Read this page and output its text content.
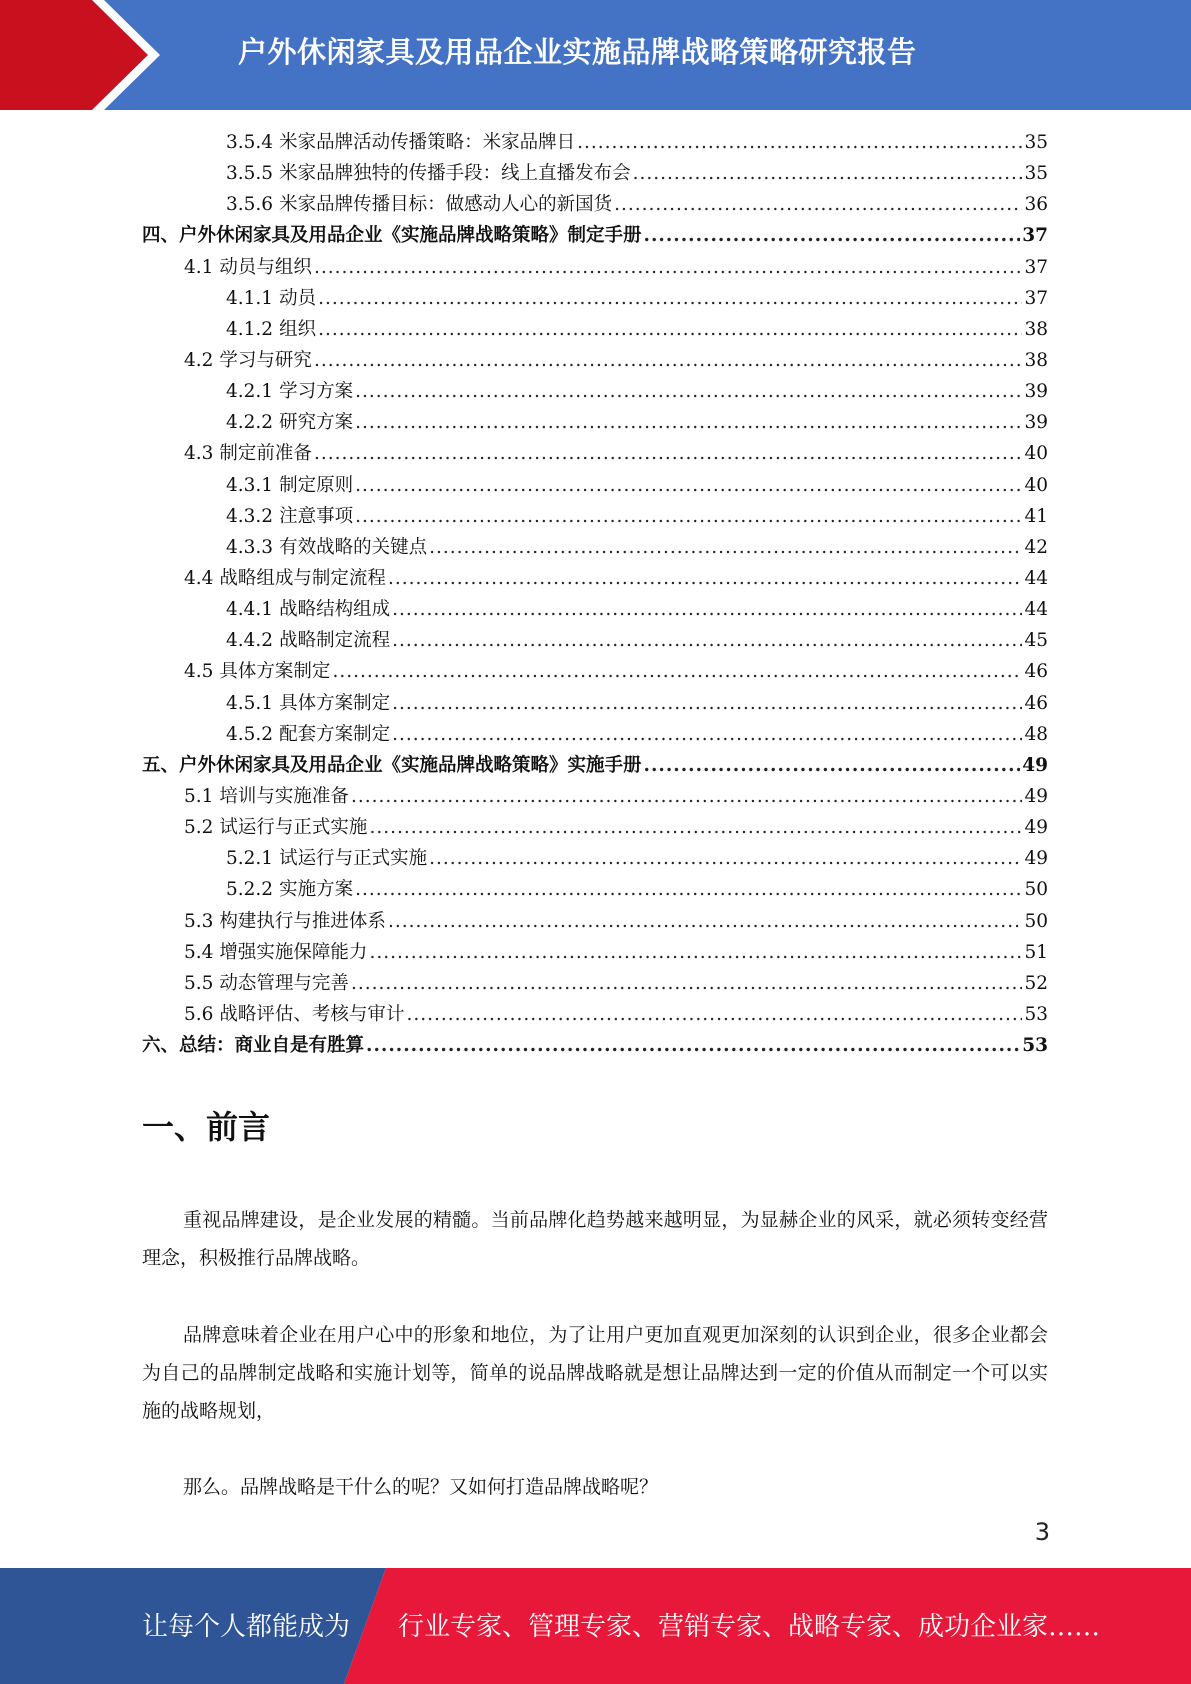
户外休闲家具及用品企业实施品牌战略策略研究报告
3.5.4 米家品牌活动传播策略：米家品牌日 .....	35
3.5.5 米家品牌独特的传播手段：线上直播发布会 .....	35
3.5.6 米家品牌传播目标：做感动人心的新国货 .....	36
四、户外休闲家具及用品企业《实施品牌战略策略》制定手册 .....	37
4.1 动员与组织 .....	37
4.1.1 动员 .....	37
4.1.2 组织 .....	38
4.2 学习与研究 .....	38
4.2.1 学习方案 .....	39
4.2.2 研究方案 .....	39
4.3 制定前准备 .....	40
4.3.1 制定原则 .....	40
4.3.2 注意事项 .....	41
4.3.3 有效战略的关键点 .....	42
4.4 战略组成与制定流程 .....	44
4.4.1 战略结构组成 .....	44
4.4.2 战略制定流程 .....	45
4.5 具体方案制定 .....	46
4.5.1 具体方案制定 .....	46
4.5.2 配套方案制定 .....	48
五、户外休闲家具及用品企业《实施品牌战略策略》实施手册 .....	49
5.1 培训与实施准备 .....	49
5.2 试运行与正式实施 .....	49
5.2.1 试运行与正式实施 .....	49
5.2.2 实施方案 .....	50
5.3 构建执行与推进体系 .....	50
5.4 增强实施保障能力 .....	51
5.5 动态管理与完善 .....	52
5.6 战略评估、考核与审计 .....	53
六、总结：商业自是有胜算 .....	53
一、前言

重视品牌建设，是企业发展的精髓。当前品牌化趋势越来越明显，为显赫企业的风采，就必须转变经营理念，积极推行品牌战略。

品牌意味着企业在用户心中的形象和地位，为了让用户更加直观更加深刻的认识到企业，很多企业都会为自己的品牌制定战略和实施计划等，简单的说品牌战略就是想让品牌达到一定的价值从而制定一个可以实施的战略规划，

那么。品牌战略是干什么的呢？又如何打造品牌战略呢？

3
让每个人都能成为 行业专家、管理专家、营销专家、战略专家、成功企业家……
